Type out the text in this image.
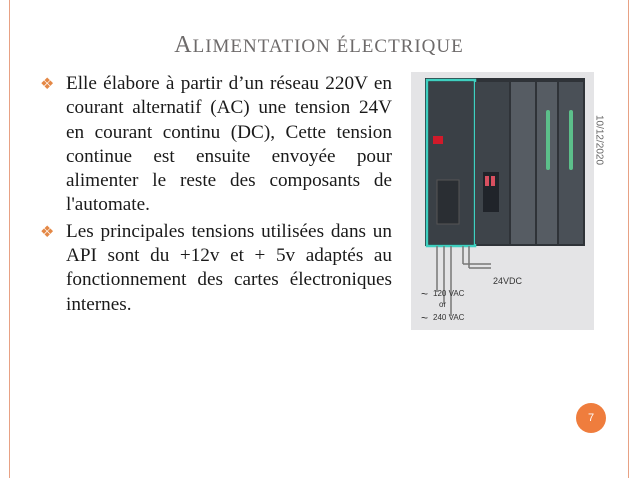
ALIMENTATION ÉLECTRIQUE
❖ Elle élabore à partir d’un réseau 220V en courant alternatif (AC) une tension 24V en courant continu (DC), Cette tension continue est ensuite envoyée pour alimenter le reste des composants de l'automate.
❖ Les principales tensions utilisées dans un API sont du +12v et + 5v adaptés au fonctionnement des cartes électroniques internes.
24VDC
~ 120 VAC
or
~ 240 VAC
10/12/2020
7
